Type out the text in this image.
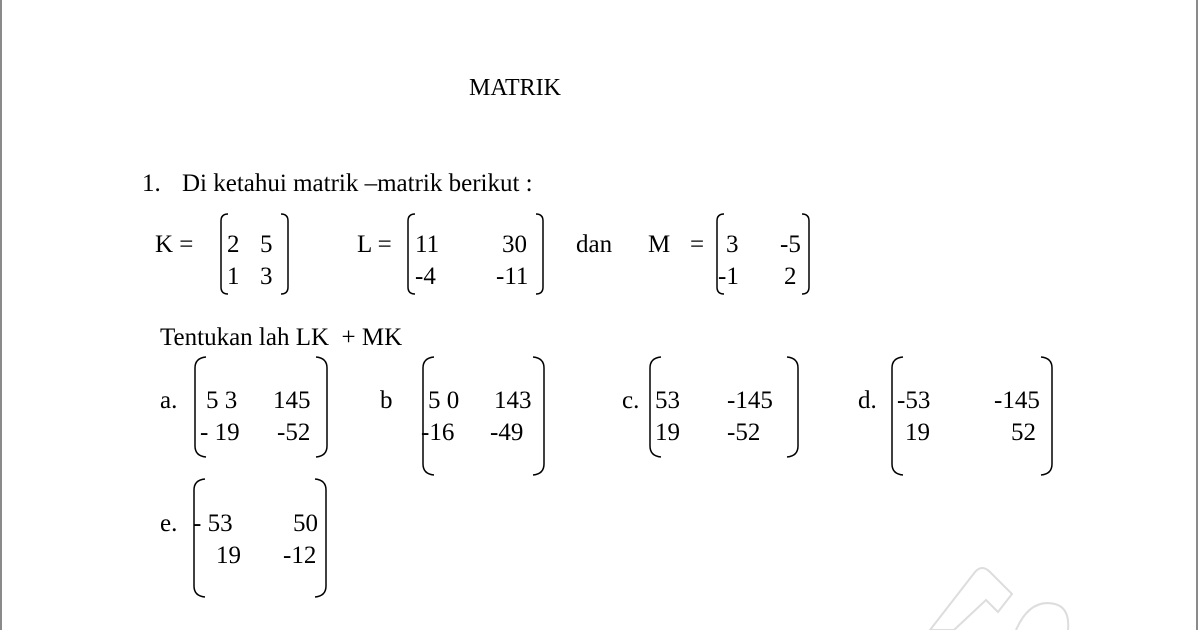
MATRIK
1. Di ketahui matrik –matrik berikut :
K = 2 5
1 3
L = 11	30
-4 -11
dan M = 3 -5
-1 2
Tentukan lah LK  + MK
a. 5 3 145
- 19 -52
b 5 0 143
-16 -49
c. 53 -145
19 -52
d. -53	-145
19	52
e. - 53 50
19 -12
